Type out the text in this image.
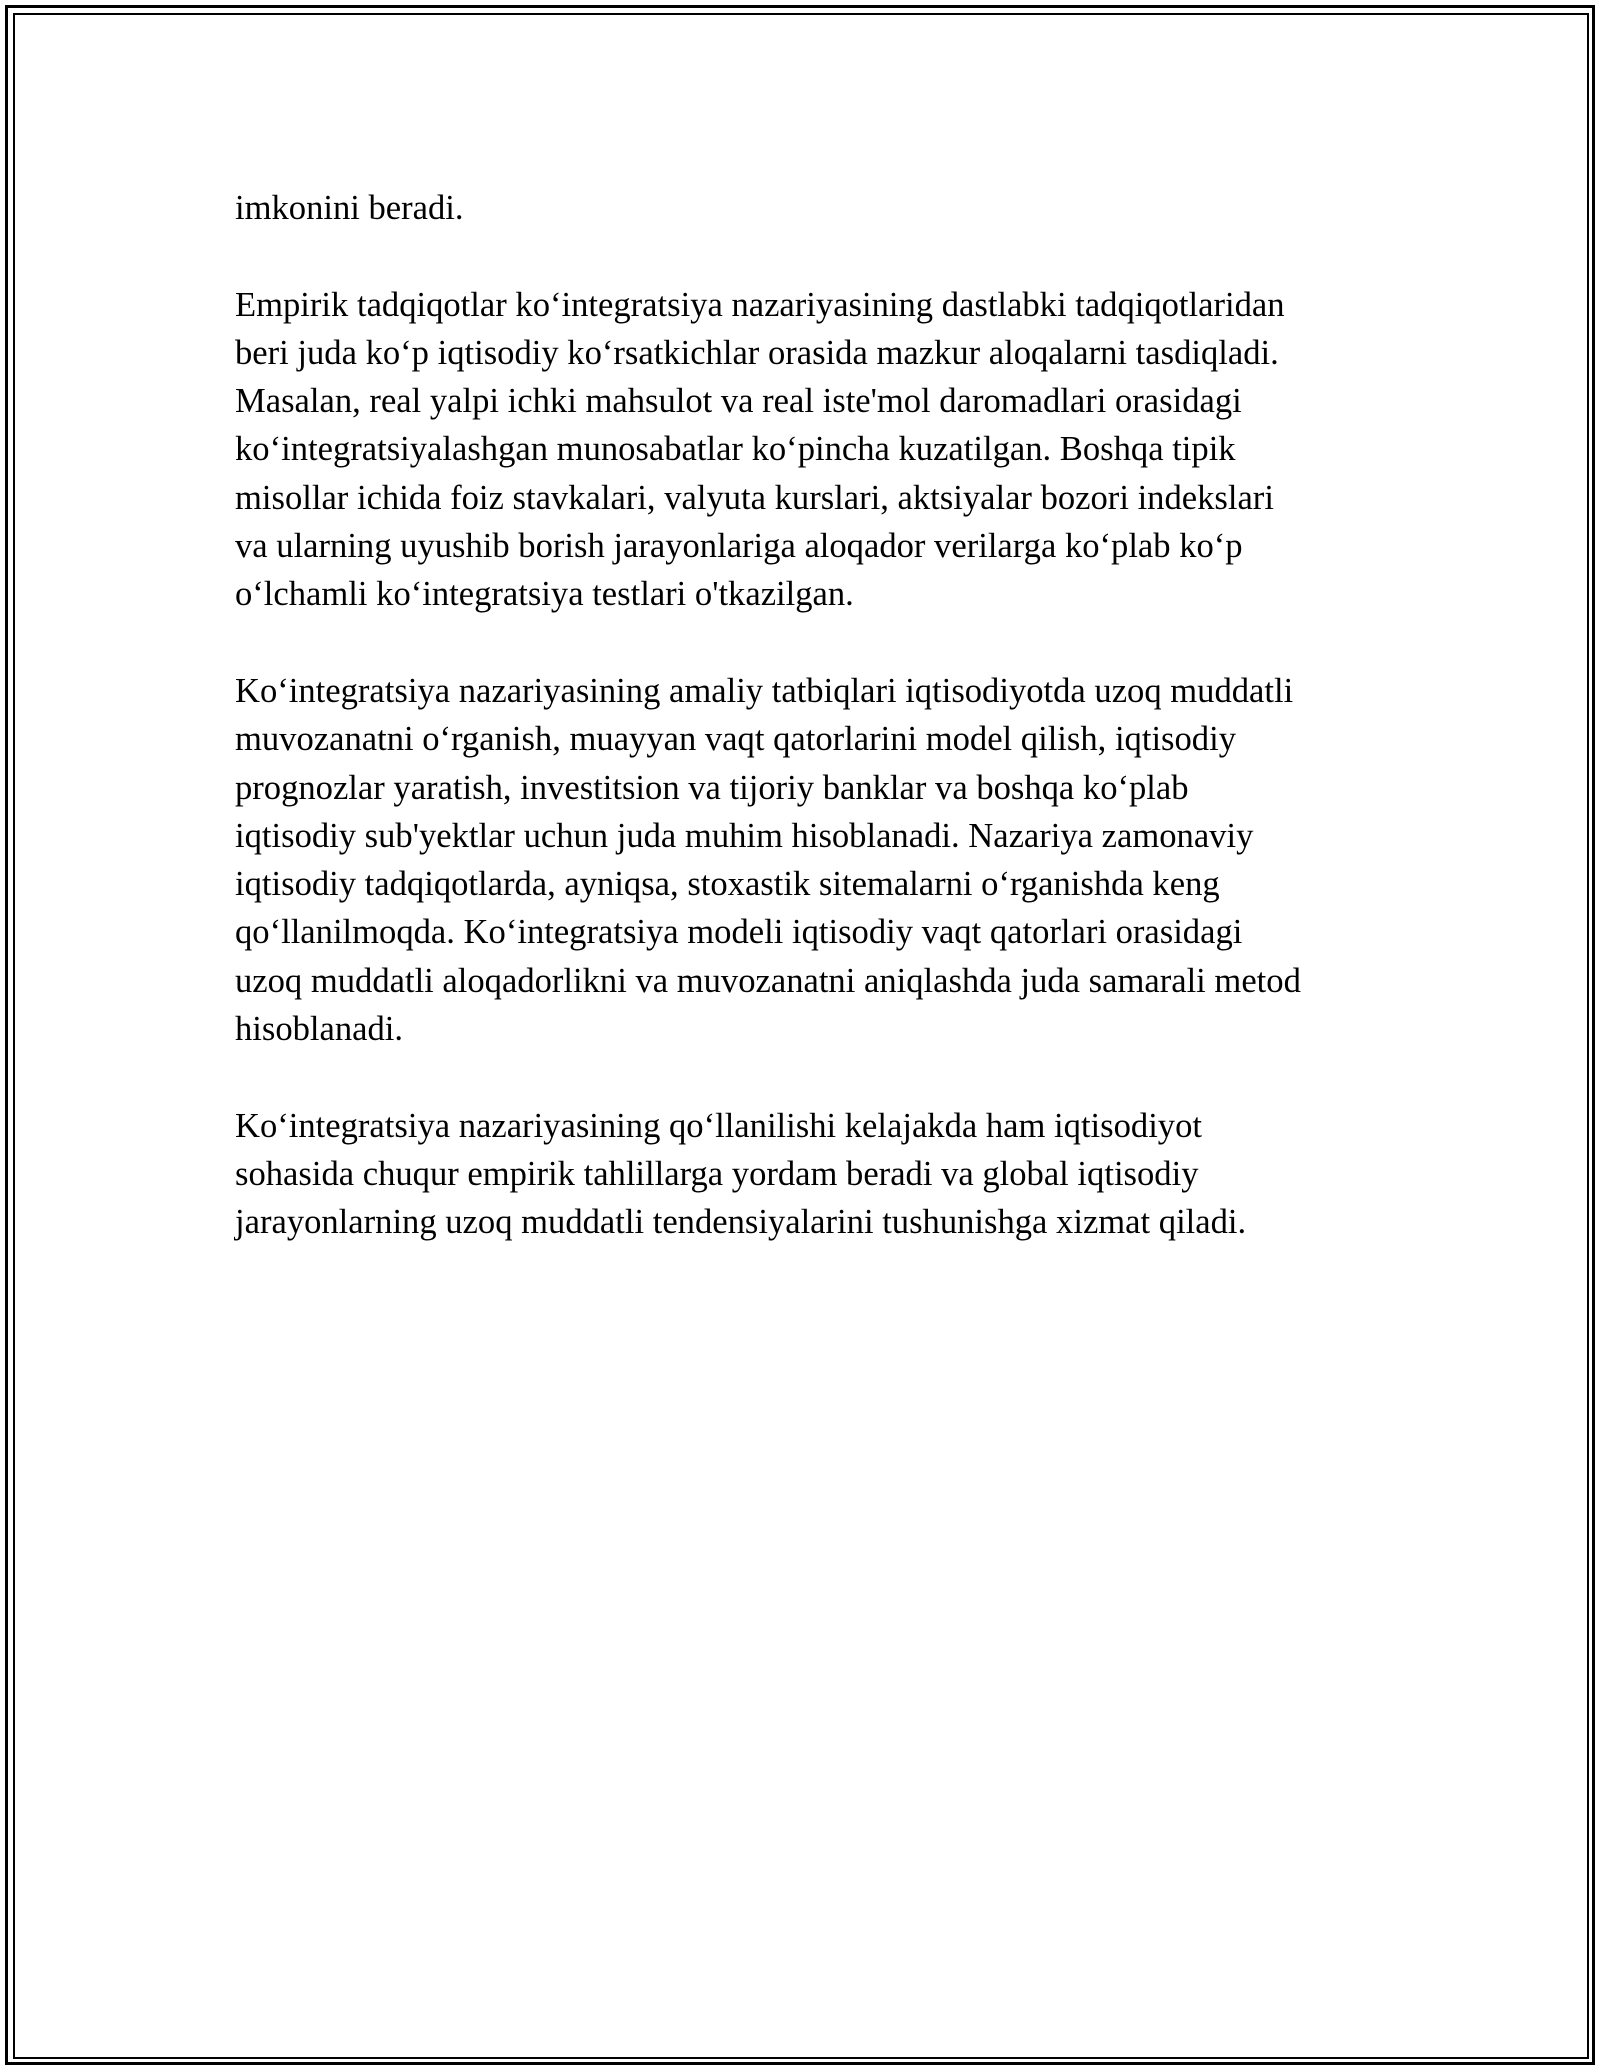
imkonini beradi.

Empirik tadqiqotlar ko‘integratsiya nazariyasining dastlabki tadqiqotlaridan
beri juda ko‘p iqtisodiy ko‘rsatkichlar orasida mazkur aloqalarni tasdiqladi.
Masalan, real yalpi ichki mahsulot va real iste'mol daromadlari orasidagi
ko‘integratsiyalashgan munosabatlar ko‘pincha kuzatilgan. Boshqa tipik
misollar ichida foiz stavkalari, valyuta kurslari, aktsiyalar bozori indekslari
va ularning uyushib borish jarayonlariga aloqador verilarga ko‘plab ko‘p
o‘lchamli ko‘integratsiya testlari o'tkazilgan.

Ko‘integratsiya nazariyasining amaliy tatbiqlari iqtisodiyotda uzoq muddatli
muvozanatni o‘rganish, muayyan vaqt qatorlarini model qilish, iqtisodiy
prognozlar yaratish, investitsion va tijoriy banklar va boshqa ko‘plab
iqtisodiy sub'yektlar uchun juda muhim hisoblanadi. Nazariya zamonaviy
iqtisodiy tadqiqotlarda, ayniqsa, stoxastik sitemalarni o‘rganishda keng
qo‘llanilmoqda. Ko‘integratsiya modeli iqtisodiy vaqt qatorlari orasidagi
uzoq muddatli aloqadorlikni va muvozanatni aniqlashda juda samarali metod
hisoblanadi.

Ko‘integratsiya nazariyasining qo‘llanilishi kelajakda ham iqtisodiyot
sohasida chuqur empirik tahlillarga yordam beradi va global iqtisodiy
jarayonlarning uzoq muddatli tendensiyalarini tushunishga xizmat qiladi.
